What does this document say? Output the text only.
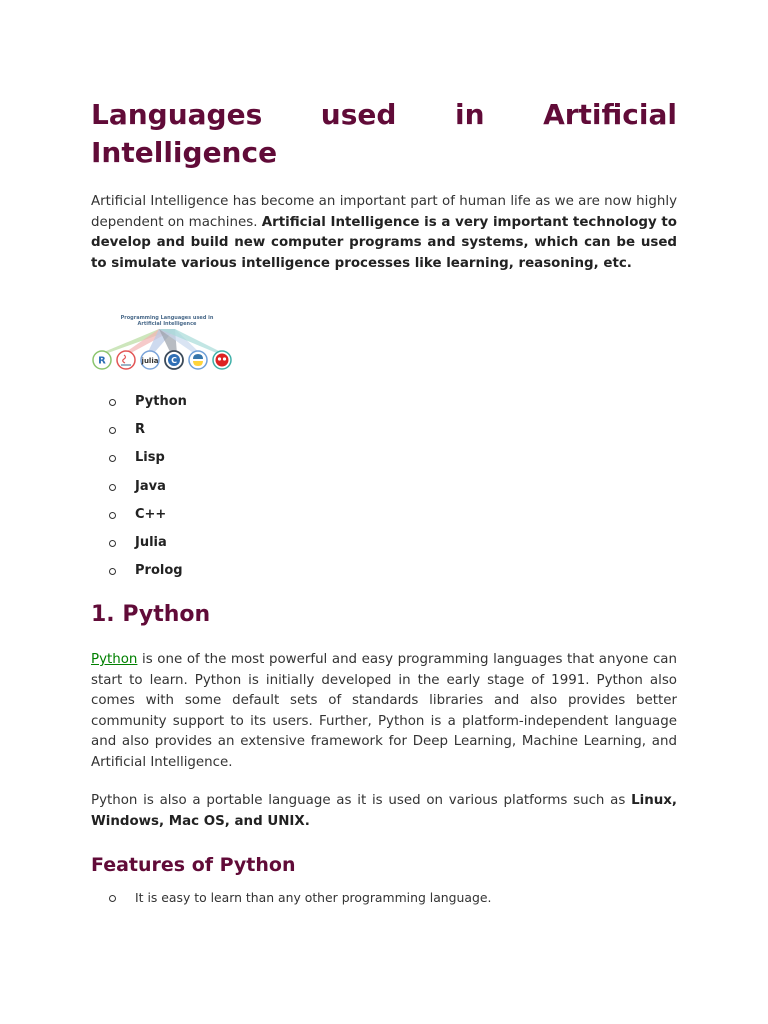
Languages used in Artificial
Intelligence

Artificial Intelligence has become an important part of human life as we are now highly dependent on machines. Artificial Intelligence is a very important technology to develop and build new computer programs and systems, which can be used to simulate various intelligence processes like learning, reasoning, etc.

Programming Languages used in
Artificial Intelligence
R	julia C
Python
R
Lisp
Java
C++
Julia
Prolog
1. Python

Python is one of the most powerful and easy programming languages that anyone can start to learn. Python is initially developed in the early stage of 1991. Python also comes with some default sets of standards libraries and also provides better community support to its users. Further, Python is a platform-independent language and also provides an extensive framework for Deep Learning, Machine Learning, and Artificial Intelligence.

Python is also a portable language as it is used on various platforms such as Linux, Windows, Mac OS, and UNIX.

Features of Python
It is easy to learn than any other programming language.
